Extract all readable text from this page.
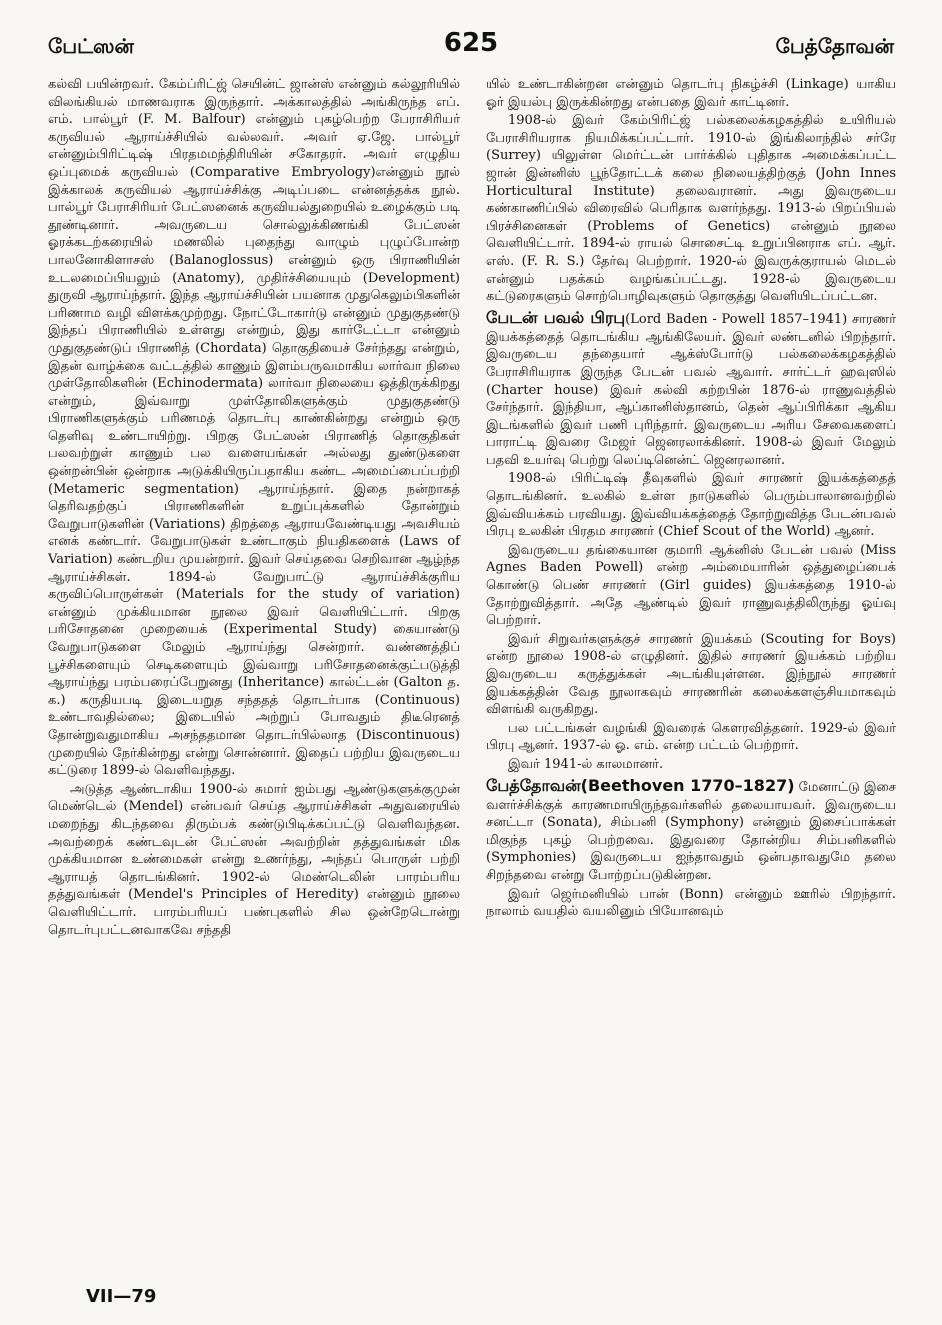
பேட்ஸன்	625	பேத்தோவன்

கல்வி பயின்றவர். கேம்ப்ரிட்ஜ் செயின்ட் ஜான்ஸ் என்னும் கல்லூரியில் விலங்கியல் மாணவராக இருந்தார். அக்காலத்தில் அங்கிருந்த எப். எம். பால்பூர் (F. M. Balfour) என்னும் புகழ்பெற்ற பேராசிரியர் கருவியல் ஆராய்ச்சியில் வல்லவர். அவர் ஏ.ஜே. பால்பூர் என்னும்பிரிட்டிஷ் பிரதமமந்திரியின் சகோதரர். அவர் எழுதிய ஒப்புமைக் கருவியல் (Comparative Embryology)என்னும் நூல் இக்காலக் கருவியல் ஆராய்ச்சிக்கு அடிப்படை என்னத்தக்க நூல். பால்பூர் பேராசிரியர் பேட்ஸனைக் கருவியல்துறையில் உழைக்கும் படி தூண்டினார். அவருடைய சொல்லுக்கிணங்கி பேட்ஸன் ஓரக்கடற்கரையில் மணலில் புதைந்து வாழும் புழுப்போன்ற பாலனோகிளாசஸ் (Balanoglossus) என்னும் ஒரு பிராணியின் உடலமைப்பியலும் (Anatomy), முதிர்ச்சியையும் (Development) துருவி ஆராய்ந்தார். இந்த ஆராய்ச்சியின் பயனாக முதுகெலும்பிகளின் பரிணாம வழி விளக்கமுற்றது. நோட்டோகார்டு என்னும் முதுகுதண்டு இந்தப் பிராணியில் உள்ளது என்றும், இது கார்டேட்டா என்னும் முதுகுதண்டுப் பிராணித் (Chordata) தொகுதியைச் சேர்ந்தது என்றும், இதன் வாழ்க்கை வட்டத்தில் காணும் இளம்பருவமாகிய லார்வா நிலை முள்தோலிகளின் (Echinodermata) லார்வா நிலையை ஒத்திருக்கிறது என்றும், இவ்வாறு முள்தோலிகளுக்கும் முதுகுதண்டு பிராணிகளுக்கும் பரிணமத் தொடர்பு காண்கின்றது என்றும் ஒரு தெளிவு உண்டாயிற்று. பிறகு பேட்ஸன் பிராணித் தொகுதிகள் பலவற்றுள் காணும் பல வளையங்கள் அல்லது துண்டுகளை ஒன்றன்பின் ஒன்றாக அடுக்கியிருப்பதாகிய கண்ட அமைப்பைப்பற்றி (Metameric segmentation) ஆராய்ந்தார். இதை நன்றாகத் தெரிவதற்குப் பிராணிகளின் உறுப்புக்களில் தோன்றும் வேறுபாடுகளின் (Variations) திறத்தை ஆராயவேண்டியது அவசியம் எனக் கண்டார். வேறுபாடுகள் உண்டாகும் நியதிகளைக் (Laws of Variation) கண்டறிய முயன்றார். இவர் செய்தவை செறிவான ஆழ்ந்த ஆராய்ச்சிகள். 1894-ல் வேறுபாட்டு ஆராய்ச்சிக்குரிய கருவிப்பொருள்கள் (Materials for the study of variation) என்னும் முக்கியமான நூலை இவர் வெளியிட்டார். பிறகு பரிசோதனை முறையைக் (Experimental Study) கையாண்டு வேறுபாடுகளை மேலும் ஆராய்ந்து சென்றார். வண்ணத்திப் பூச்சிகளையும் செடிகளையும் இவ்வாறு பரிசோதனைக்குட்படுத்தி ஆராய்ந்து பரம்பரைப்பேறுனது (Inheritance) கால்ட்டன் (Galton த. க.) கருதியபடி இடையறுத சந்ததத் தொடர்பாக (Continuous) உண்டாவதில்லை; இடையில் அற்றுப் போவதும் திடீரெனத் தோன்றுவதுமாகிய அசந்ததமான தொடர்பில்லாத (Discontinuous) முறையில் நேர்கின்றது என்று சொன்னார். இதைப் பற்றிய இவருடைய கட்டுரை 1899-ல் வெளிவந்தது.

அடுத்த ஆண்டாகிய 1900-ல் சுமார் ஐம்பது ஆண்டுகளுக்குமுன் மெண்டெல் (Mendel) என்பவர் செய்த ஆராய்ச்சிகள் அதுவரையில் மறைந்து கிடந்தவை திரும்பக் கண்டுபிடிக்கப்பட்டு வெளிவந்தன. அவற்றைக் கண்டவுடன் பேட்ஸன் அவற்றின் தத்துவங்கள் மிக முக்கியமான உண்மைகள் என்று உணர்ந்து, அந்தப் பொருள் பற்றி ஆராயத் தொடங்கினர். 1902-ல் மெண்டெலின் பாரம்பரிய தத்துவங்கள் (Mendel's Principles of Heredity) என்னும் நூலை வெளியிட்டார். பாரம்பரியப் பண்புகளில் சில ஒன்றேடொன்று தொடர்புபட்டனவாகவே சந்ததி

யில் உண்டாகின்றன என்னும் தொடர்பு நிகழ்ச்சி (Linkage) யாகிய ஓர் இயல்பு இருக்கின்றது என்பதை இவர் காட்டினர்.

1908-ல் இவர் கேம்பிரிட்ஜ் பல்கலைக்கழகத்தில் உயிரியல் பேராசிரியராக நியமிக்கப்பட்டார். 1910-ல் இங்கிலாந்தில் சர்ரே (Surrey) யிலுள்ள மெர்ட்டன் பார்க்கில் புதிதாக அமைக்கப்பட்ட ஜான் இன்னிஸ் பூந்தோட்டக் கலை நிலையத்திற்குத் (John Innes Horticultural Institute) தலைவரானர். அது இவருடைய கண்காணிப்பில் விரைவில் பெரிதாக வளர்ந்தது. 1913-ல் பிறப்பியல் பிரச்சினைகள் (Problems of Genetics) என்னும் நூலை வெளியிட்டார். 1894-ல் ராயல் சொசைட்டி உறுப்பினராக எப். ஆர். எஸ். (F. R. S.) தேர்வு பெற்றார். 1920-ல் இவருக்குராயல் மெடல் என்னும் பதக்கம் வழங்கப்பட்டது. 1928-ல் இவருடைய கட்டுரைகளும் சொற்பொழிவுகளும் தொகுத்து வெளியிடப்பட்டன.

பேடன் பவல் பிரபு(Lord Baden - Powell 1857–1941) சாரணர் இயக்கத்தைத் தொடங்கிய ஆங்கிலேயர். இவர் லண்டனில் பிறந்தார். இவருடைய தந்தையார் ஆக்ஸ்போர்டு பல்கலைக்கழகத்தில் பேராசிரியராக இருந்த பேடன் பவல் ஆவார். சார்ட்டர் ஹவுஸில் (Charter house) இவர் கல்வி கற்றபின் 1876-ல் ராணுவத்தில் சேர்ந்தார். இந்தியா, ஆப்கானிஸ்தானம், தென் ஆப்பிரிக்கா ஆகிய இடங்களில் இவர் பணி புரிந்தார். இவருடைய அரிய சேவைகளைப் பாராட்டி இவரை மேஜர் ஜெனரலாக்கினர். 1908-ல் இவர் மேலும் பதவி உயர்வு பெற்று லெப்டினென்ட் ஜெனரலானர்.

1908-ல் பிரிட்டிஷ் தீவுகளில் இவர் சாரணர் இயக்கத்தைத் தொடங்கினர். உலகில் உள்ள நாடுகளில் பெரும்பாலானவற்றில் இவ்வியக்கம் பரவியது. இவ்வியக்கத்தைத் தோற்றுவித்த பேடன்பவல் பிரபு உலகின் பிரதம சாரணர் (Chief Scout of the World) ஆனர்.

இவருடைய தங்கையான குமாரி ஆக்னிஸ் பேடன் பவல் (Miss Agnes Baden Powell) என்ற அம்மையாரின் ஒத்துழைப்பைக் கொண்டு பெண் சாரணர் (Girl guides) இயக்கத்தை 1910-ல் தோற்றுவித்தார். அதே ஆண்டில் இவர் ராணுவத்திலிருந்து ஓய்வு பெற்றார்.

இவர் சிறுவர்களுக்குச் சாரணர் இயக்கம் (Scouting for Boys) என்ற நூலை 1908-ல் எழுதினர். இதில் சாரணர் இயக்கம் பற்றிய இவருடைய கருத்துக்கள் அடங்கியுள்ளன. இந்நூல் சாரணர் இயக்கத்தின் வேத நூலாகவும் சாரணரின் கலைக்களஞ்சியமாகவும் விளங்கி வருகிறது.

பல பட்டங்கள் வழங்கி இவரைக் கௌரவித்தனர். 1929-ல் இவர் பிரபு ஆனர். 1937-ல் ஓ. எம். என்ற பட்டம் பெற்றார்.

இவர் 1941-ல் காலமானர்.

பேத்தோவன்(Beethoven 1770–1827) மேனாட்டு இசை வளர்ச்சிக்குக் காரணமாயிருந்தவர்களில் தலையாயவர். இவருடைய சனட்டா (Sonata), சிம்பனி (Symphony) என்னும் இசைப்பாக்கள் மிகுந்த புகழ் பெற்றவை. இதுவரை தோன்றிய சிம்பனிகளில் (Symphonies) இவருடைய ஐந்தாவதும் ஒன்பதாவதுமே தலை சிறந்தவை என்று போற்றப்படுகின்றன.

இவர் ஜெர்மனியில் பான் (Bonn) என்னும் ஊரில் பிறந்தார். நாலாம் வயதில் வயலினும் பியோனவும்

VII—79
